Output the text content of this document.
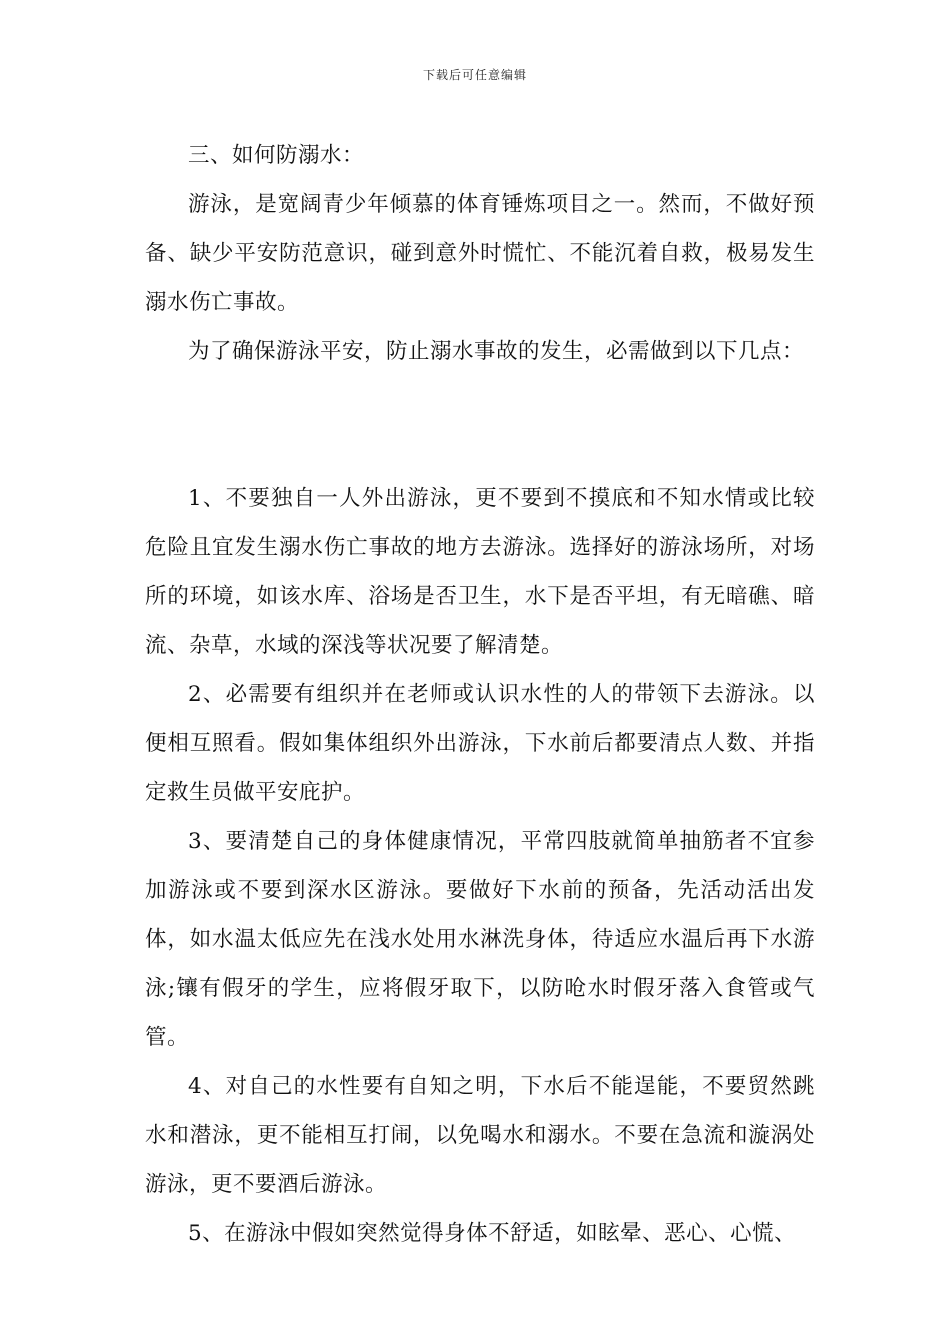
下载后可任意编辑

三、如何防溺水：

游泳，是宽阔青少年倾慕的体育锤炼项目之一。然而，不做好预备、缺少平安防范意识，碰到意外时慌忙、不能沉着自救，极易发生溺水伤亡事故。

为了确保游泳平安，防止溺水事故的发生，必需做到以下几点：

1、不要独自一人外出游泳，更不要到不摸底和不知水情或比较危险且宜发生溺水伤亡事故的地方去游泳。选择好的游泳场所，对场所的环境，如该水库、浴场是否卫生，水下是否平坦，有无暗礁、暗流、杂草，水域的深浅等状况要了解清楚。

2、必需要有组织并在老师或认识水性的人的带领下去游泳。以便相互照看。假如集体组织外出游泳，下水前后都要清点人数、并指定救生员做平安庇护。

3、要清楚自己的身体健康情况，平常四肢就简单抽筋者不宜参加游泳或不要到深水区游泳。要做好下水前的预备，先活动活出发体，如水温太低应先在浅水处用水淋洗身体，待适应水温后再下水游泳;镶有假牙的学生，应将假牙取下，以防呛水时假牙落入食管或气管。

4、对自己的水性要有自知之明，下水后不能逞能，不要贸然跳水和潜泳，更不能相互打闹，以免喝水和溺水。不要在急流和漩涡处游泳，更不要酒后游泳。

5、在游泳中假如突然觉得身体不舒适，如眩晕、恶心、心慌、
